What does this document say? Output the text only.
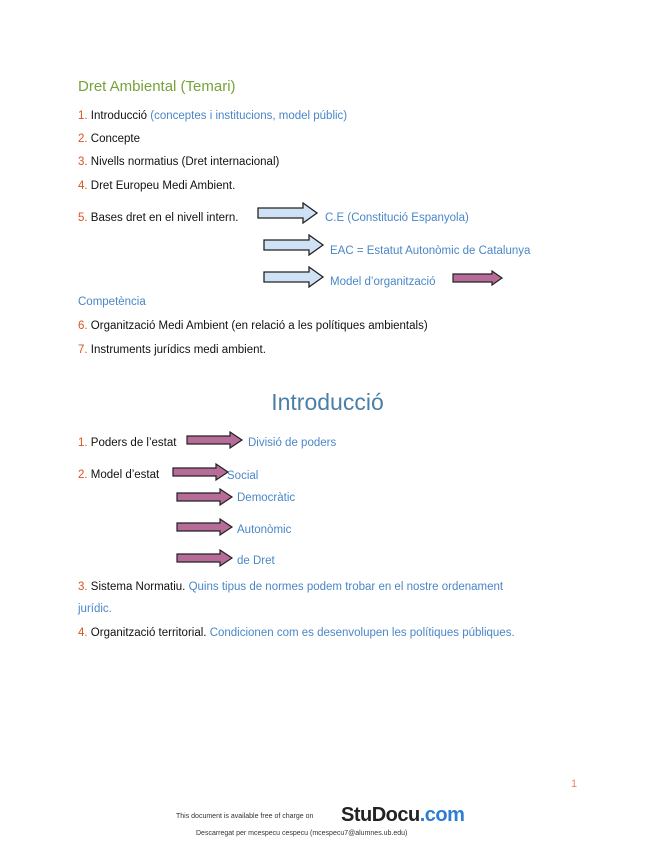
Dret Ambiental (Temari)
1. Introducció (conceptes i institucions, model públic)
2. Concepte
3. Nivells normatius (Dret internacional)
4. Dret Europeu Medi Ambient.
5. Bases dret en el nivell intern.	C.E (Constitució Espanyola)
EAC = Estatut Autonòmic de Catalunya
Model d’organització
Competència
6. Organització Medi Ambient (en relació a les polítiques ambientals)
7. Instruments jurídics medi ambient.
Introducció
1. Poders de l’estat	Divisió de poders
2. Model d’estat	Social
Democràtic
Autonòmic
de Dret
3. Sistema Normatiu. Quins tipus de normes podem trobar en el nostre ordenament
jurídic.
4. Organització territorial. Condicionen com es desenvolupen les polítiques públiques.
1
This document is available free of charge on StuDocu.com
Descarregat per mcespecu cespecu (mcespecu7@alumnes.ub.edu)
